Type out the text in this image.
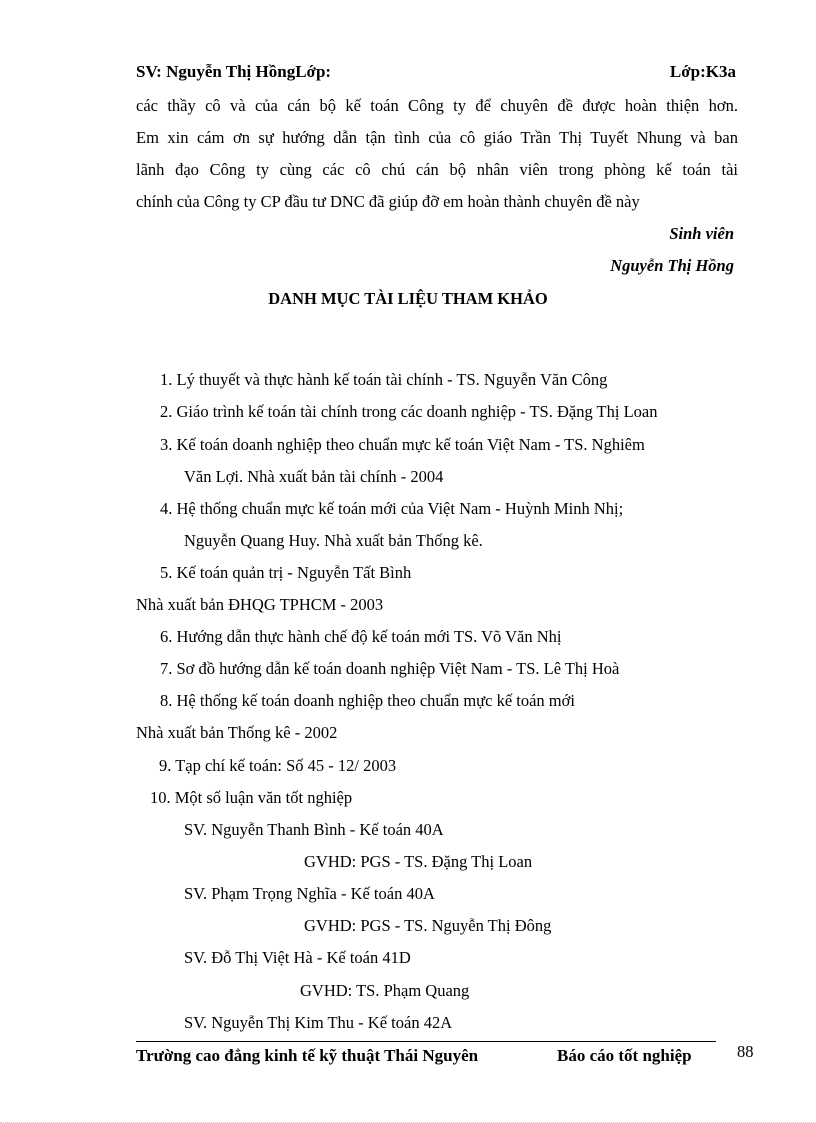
SV: Nguyễn Thị HồngLớp:	Lớp:K3a
các thầy cô và của cán bộ kế toán Công ty để chuyên đề được hoàn thiện hơn.
Em xin cám ơn sự hướng dẫn tận tình của cô giáo Trần Thị Tuyết Nhung và ban
lãnh đạo Công ty cùng các cô chú cán bộ nhân viên trong phòng kế toán tài
chính của Công ty CP đầu tư DNC đã giúp đỡ em hoàn thành chuyên đề này
Sinh viên
Nguyễn Thị Hồng
DANH MỤC TÀI LIỆU THAM KHẢO
1. Lý thuyết và thực hành kế toán tài chính - TS. Nguyễn Văn Công
2. Giáo trình kế toán tài chính trong các doanh nghiệp - TS. Đặng Thị Loan
3. Kế toán doanh nghiệp theo chuẩn mực kế toán Việt Nam - TS. Nghiêm
Văn Lợi. Nhà xuất bản tài chính - 2004
4. Hệ thống chuẩn mực kế toán mới của Việt Nam - Huỳnh Minh Nhị;
Nguyễn Quang Huy. Nhà xuất bản Thống kê.
5. Kế toán quản trị - Nguyễn Tất Bình
Nhà xuất bản ĐHQG TPHCM - 2003
6. Hướng dẫn thực hành chế độ kế toán mới TS. Võ Văn Nhị
7. Sơ đồ hướng dẫn kế toán doanh nghiệp Việt Nam - TS. Lê Thị Hoà
8. Hệ thống kế toán doanh nghiệp theo chuẩn mực kế toán mới
Nhà xuất bản Thống kê - 2002
9. Tạp chí kế toán: Số 45 - 12/ 2003
10. Một số luận văn tốt nghiệp
SV. Nguyễn Thanh Bình - Kế toán 40A
GVHD: PGS - TS. Đặng Thị Loan
SV. Phạm Trọng Nghĩa - Kế toán 40A
GVHD: PGS - TS. Nguyễn Thị Đông
SV. Đỗ Thị Việt Hà - Kế toán 41D
GVHD: TS. Phạm Quang
SV. Nguyễn Thị Kim Thu - Kế toán 42A
Trường cao đẳng kinh tế kỹ thuật Thái Nguyên	Báo cáo tốt nghiệp	88
